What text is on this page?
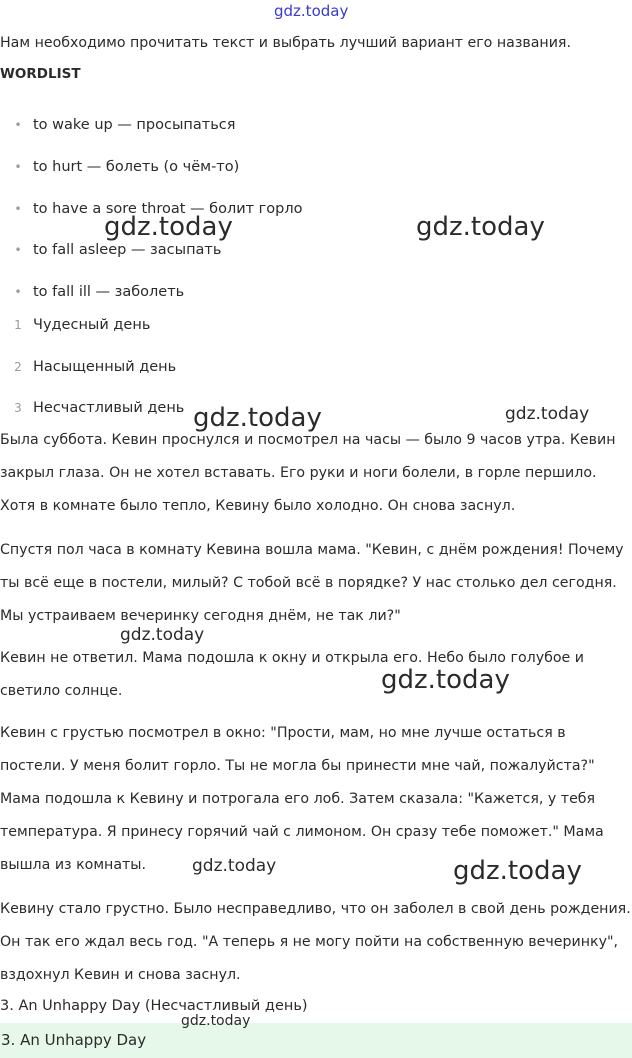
gdz.today

Нам необходимо прочитать текст и выбрать лучший вариант его названия.

WORDLIST
• to wake up — просыпаться
• to hurt — болеть (о чём-то)
• to have a sore throat — болит горло
• to fall asleep — засыпать
• to fall ill — заболеть
1 Чудесный день
2 Насыщенный день
3 Несчастливый день

Была суббота. Кевин проснулся и посмотрел на часы — было 9 часов утра. Кевин закрыл глаза. Он не хотел вставать. Его руки и ноги болели, в горле першило. Хотя в комнате было тепло, Кевину было холодно. Он снова заснул.

Спустя пол часа в комнату Кевина вошла мама. "Кевин, с днём рождения! Почему ты всё еще в постели, милый? С тобой всё в порядке? У нас столько дел сегодня. Мы устраиваем вечеринку сегодня днём, не так ли?"

Кевин не ответил. Мама подошла к окну и открыла его. Небо было голубое и светило солнце.

Кевин с грустью посмотрел в окно: "Прости, мам, но мне лучше остаться в постели. У меня болит горло. Ты не могла бы принести мне чай, пожалуйста?" Мама подошла к Кевину и потрогала его лоб. Затем сказала: "Кажется, у тебя температура. Я принесу горячий чай с лимоном. Он сразу тебе поможет." Мама вышла из комнаты.

Кевину стало грустно. Было несправедливо, что он заболел в свой день рождения. Он так его ждал весь год. "А теперь я не могу пойти на собственную вечеринку", вздохнул Кевин и снова заснул.

3. An Unhappy Day (Несчастливый день)
3. An Unhappy Day
gdz.today	gdz.today
gdz.today	gdz.today
gdz.today
gdz.today
gdz.today	gdz.today
gdz.today
